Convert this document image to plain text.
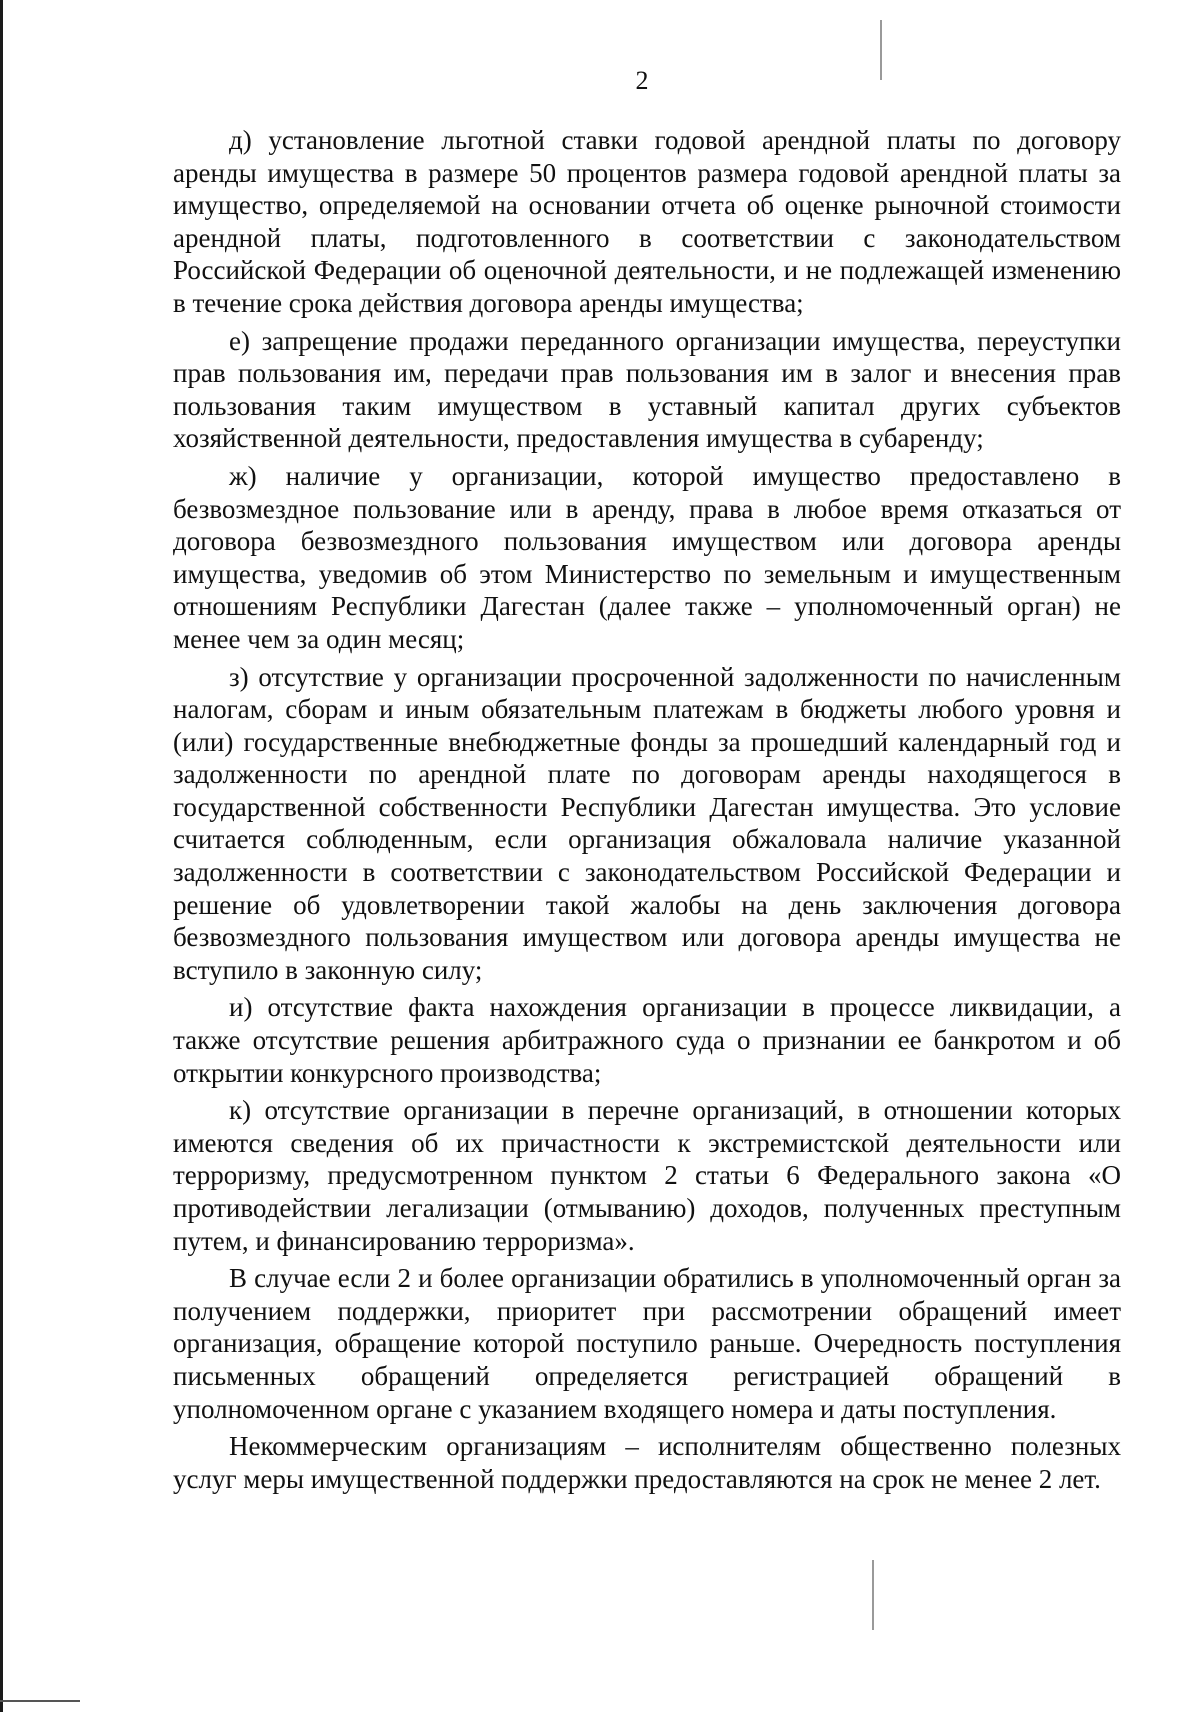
2

д) установление льготной ставки годовой арендной платы по договору аренды имущества в размере 50 процентов размера годовой арендной платы за имущество, определяемой на основании отчета об оценке рыночной стоимости арендной платы, подготовленного в соответствии с законодательством Российской Федерации об оценочной деятельности, и не подлежащей изменению в течение срока действия договора аренды имущества;

е) запрещение продажи переданного организации имущества, переуступки прав пользования им, передачи прав пользования им в залог и внесения прав пользования таким имуществом в уставный капитал других субъектов хозяйственной деятельности, предоставления имущества в субаренду;

ж) наличие у организации, которой имущество предоставлено в безвозмездное пользование или в аренду, права в любое время отказаться от договора безвозмездного пользования имуществом или договора аренды имущества, уведомив об этом Министерство по земельным и имущественным отношениям Республики Дагестан (далее также – уполномоченный орган) не менее чем за один месяц;

з) отсутствие у организации просроченной задолженности по начисленным налогам, сборам и иным обязательным платежам в бюджеты любого уровня и (или) государственные внебюджетные фонды за прошедший календарный год и задолженности по арендной плате по договорам аренды находящегося в государственной собственности Республики Дагестан имущества. Это условие считается соблюденным, если организация обжаловала наличие указанной задолженности в соответствии с законодательством Российской Федерации и решение об удовлетворении такой жалобы на день заключения договора безвозмездного пользования имуществом или договора аренды имущества не вступило в законную силу;

и) отсутствие факта нахождения организации в процессе ликвидации, а также отсутствие решения арбитражного суда о признании ее банкротом и об открытии конкурсного производства;

к) отсутствие организации в перечне организаций, в отношении которых имеются сведения об их причастности к экстремистской деятельности или терроризму, предусмотренном пунктом 2 статьи 6 Федерального закона «О противодействии легализации (отмыванию) доходов, полученных преступным путем, и финансированию терроризма».

В случае если 2 и более организации обратились в уполномоченный орган за получением поддержки, приоритет при рассмотрении обращений имеет организация, обращение которой поступило раньше. Очередность поступления письменных обращений определяется регистрацией обращений в уполномоченном органе с указанием входящего номера и даты поступления.

Некоммерческим организациям – исполнителям общественно полезных услуг меры имущественной поддержки предоставляются на срок не менее 2 лет.
